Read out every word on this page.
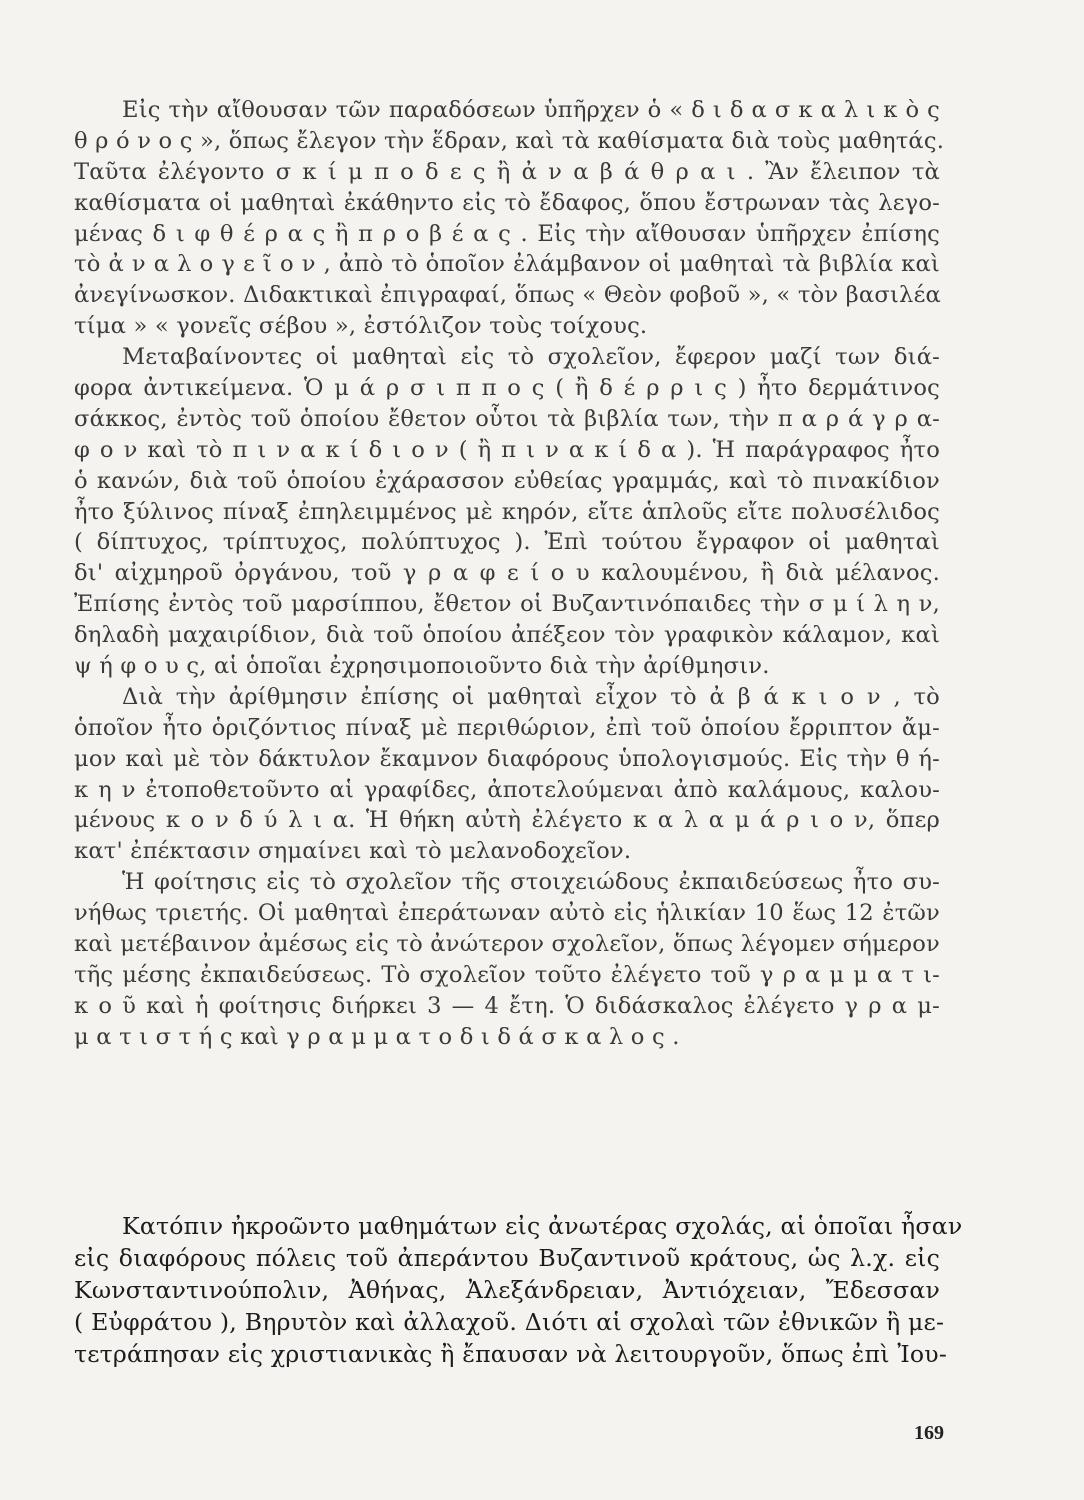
Εἰς τὴν αἴθουσαν τῶν παραδόσεων ὑπῆρχεν ὁ « δ ι δ α σ κ α λ ι κ ὸ ς
θ ρ ό ν ο ς », ὅπως ἔλεγον τὴν ἕδραν, καὶ τὰ καθίσματα διὰ τοὺς μαθητάς.
Ταῦτα ἐλέγοντο σ κ ί μ π ο δ ε ς ἢ ἀ ν α β ά θ ρ α ι . Ἂν ἔλειπον τὰ
καθίσματα οἱ μαθηταὶ ἐκάθηντο εἰς τὸ ἔδαφος, ὅπου ἔστρωναν τὰς λεγο-
μένας δ ι φ θ έ ρ α ς ἢ π ρ ο β έ α ς . Εἰς τὴν αἴθουσαν ὑπῆρχεν ἐπίσης
τὸ ἀ ν α λ ο γ ε ῖ ο ν , ἀπὸ τὸ ὁποῖον ἐλάμβανον οἱ μαθηταὶ τὰ βιβλία καὶ
ἀνεγίνωσκον. Διδακτικαὶ ἐπιγραφαί, ὅπως « Θεὸν φοβοῦ », « τὸν βασιλέα
τίμα » « γονεῖς σέβου », ἐστόλιζον τοὺς τοίχους.
Μεταβαίνοντες οἱ μαθηταὶ εἰς τὸ σχολεῖον, ἔφερον μαζί των διά-
φορα ἀντικείμενα. Ὁ μ ά ρ σ ι π π ο ς ( ἢ δ έ ρ ρ ι ς ) ἦτο δερμάτινος
σάκκος, ἐντὸς τοῦ ὁποίου ἔθετον οὗτοι τὰ βιβλία των, τὴν π α ρ ά γ ρ α-
φ ο ν καὶ τὸ π ι ν α κ ί δ ι ο ν ( ἢ π ι ν α κ ί δ α ). Ἡ παράγραφος ἦτο
ὁ κανών, διὰ τοῦ ὁποίου ἐχάρασσον εὐθείας γραμμάς, καὶ τὸ πινακίδιον
ἦτο ξύλινος πίναξ ἐπηλειμμένος μὲ κηρόν, εἴτε ἁπλοῦς εἴτε πολυσέλιδος
( δίπτυχος, τρίπτυχος, πολύπτυχος ). Ἐπὶ τούτου ἔγραφον οἱ μαθηταὶ
δι' αἰχμηροῦ ὀργάνου, τοῦ γ ρ α φ ε ί ο υ καλουμένου, ἢ διὰ μέλανος.
Ἐπίσης ἐντὸς τοῦ μαρσίππου, ἔθετον οἱ Βυζαντινόπαιδες τὴν σ μ ί λ η ν,
δηλαδὴ μαχαιρίδιον, διὰ τοῦ ὁποίου ἀπέξεον τὸν γραφικὸν κάλαμον, καὶ
ψ ή φ ο υ ς, αἱ ὁποῖαι ἐχρησιμοποιοῦντο διὰ τὴν ἀρίθμησιν.
Διὰ τὴν ἀρίθμησιν ἐπίσης οἱ μαθηταὶ εἶχον τὸ ἀ β ά κ ι ο ν , τὸ
ὁποῖον ἦτο ὁριζόντιος πίναξ μὲ περιθώριον, ἐπὶ τοῦ ὁποίου ἔρριπτον ἄμ-
μον καὶ μὲ τὸν δάκτυλον ἔκαμνον διαφόρους ὑπολογισμούς. Εἰς τὴν θ ή-
κ η ν ἐτοποθετοῦντο αἱ γραφίδες, ἀποτελούμεναι ἀπὸ καλάμους, καλου-
μένους κ ο ν δ ύ λ ι α. Ἡ θήκη αὐτὴ ἐλέγετο κ α λ α μ ά ρ ι ο ν, ὅπερ
κατ' ἐπέκτασιν σημαίνει καὶ τὸ μελανοδοχεῖον.
Ἡ φοίτησις εἰς τὸ σχολεῖον τῆς στοιχειώδους ἐκπαιδεύσεως ἦτο συ-
νήθως τριετής. Οἱ μαθηταὶ ἐπεράτωναν αὐτὸ εἰς ἡλικίαν 10 ἕως 12 ἐτῶν
καὶ μετέβαινον ἀμέσως εἰς τὸ ἀνώτερον σχολεῖον, ὅπως λέγομεν σήμερον
τῆς μέσης ἐκπαιδεύσεως. Τὸ σχολεῖον τοῦτο ἐλέγετο τοῦ γ ρ α μ μ α τ ι-
κ ο ῦ καὶ ἡ φοίτησις διήρκει 3 — 4 ἔτη. Ὁ διδάσκαλος ἐλέγετο γ ρ α μ-
μ α τ ι σ τ ή ς καὶ γ ρ α μ μ α τ ο δ ι δ ά σ κ α λ ο ς .
Κατόπιν ἠκροῶντο μαθημάτων εἰς ἀνωτέρας σχολάς, αἱ ὁποῖαι ἦσαν
εἰς διαφόρους πόλεις τοῦ ἀπεράντου Βυζαντινοῦ κράτους, ὡς λ.χ. εἰς
Κωνσταντινούπολιν, Ἀθήνας, Ἀλεξάνδρειαν, Ἀντιόχειαν, Ἔδεσσαν
( Εὐφράτου ), Βηρυτὸν καὶ ἀλλαχοῦ. Διότι αἱ σχολαὶ τῶν ἐθνικῶν ἢ με-
τετράπησαν εἰς χριστιανικὰς ἢ ἔπαυσαν νὰ λειτουργοῦν, ὅπως ἐπὶ Ἰου-
169
